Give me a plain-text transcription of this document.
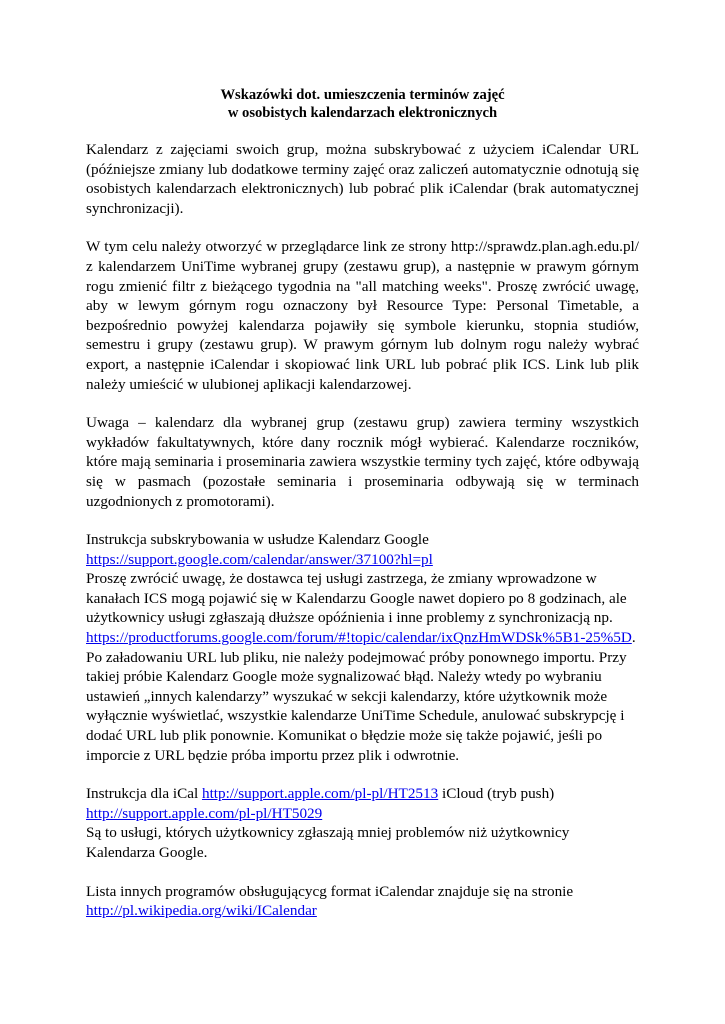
Wskazówki dot. umieszczenia terminów zajęć
w osobistych kalendarzach elektronicznych

Kalendarz z zajęciami swoich grup, można subskrybować z użyciem iCalendar URL (późniejsze zmiany lub dodatkowe terminy zajęć oraz zaliczeń automatycznie odnotują się osobistych kalendarzach elektronicznych) lub pobrać plik iCalendar (brak automatycznej synchronizacji).

W tym celu należy otworzyć w przeglądarce link ze strony http://sprawdz.plan.agh.edu.pl/ z kalendarzem UniTime wybranej grupy (zestawu grup), a następnie w prawym górnym rogu zmienić filtr z bieżącego tygodnia na "all matching weeks". Proszę zwrócić uwagę, aby w lewym górnym rogu oznaczony był Resource Type: Personal Timetable, a bezpośrednio powyżej kalendarza pojawiły się symbole kierunku, stopnia studiów, semestru i grupy (zestawu grup). W prawym górnym lub dolnym rogu należy wybrać export, a następnie iCalendar i skopiować link URL lub pobrać plik ICS. Link lub plik należy umieścić w ulubionej aplikacji kalendarzowej.

Uwaga – kalendarz dla wybranej grup (zestawu grup) zawiera terminy wszystkich wykładów fakultatywnych, które dany rocznik mógł wybierać. Kalendarze roczników, które mają seminaria i proseminaria zawiera wszystkie terminy tych zajęć, które odbywają się w pasmach (pozostałe seminaria i proseminaria odbywają się w terminach uzgodnionych z promotorami).

Instrukcja subskrybowania w usłudze Kalendarz Google

https://support.google.com/calendar/answer/37100?hl=pl

Proszę zwrócić uwagę, że dostawca tej usługi zastrzega, że zmiany wprowadzone w kanałach ICS mogą pojawić się w Kalendarzu Google nawet dopiero po 8 godzinach, ale użytkownicy usługi zgłaszają dłuższe opóźnienia i inne problemy z synchronizacją np. https://productforums.google.com/forum/#!topic/calendar/ixQnzHmWDSk%5B1-25%5D. Po załadowaniu URL lub pliku, nie należy podejmować próby ponownego importu. Przy takiej próbie Kalendarz Google może sygnalizować błąd. Należy wtedy po wybraniu ustawień „innych kalendarzy” wyszukać w sekcji kalendarzy, które użytkownik może wyłącznie wyświetlać, wszystkie kalendarze UniTime Schedule, anulować subskrypcję i dodać URL lub plik ponownie. Komunikat o błędzie może się także pojawić, jeśli po imporcie z URL będzie próba importu przez plik i odwrotnie.

Instrukcja dla iCal http://support.apple.com/pl-pl/HT2513 iCloud (tryb push)

http://support.apple.com/pl-pl/HT5029

Są to usługi, których użytkownicy zgłaszają mniej problemów niż użytkownicy Kalendarza Google.

Lista innych programów obsługującycg format iCalendar znajduje się na stronie

http://pl.wikipedia.org/wiki/ICalendar
